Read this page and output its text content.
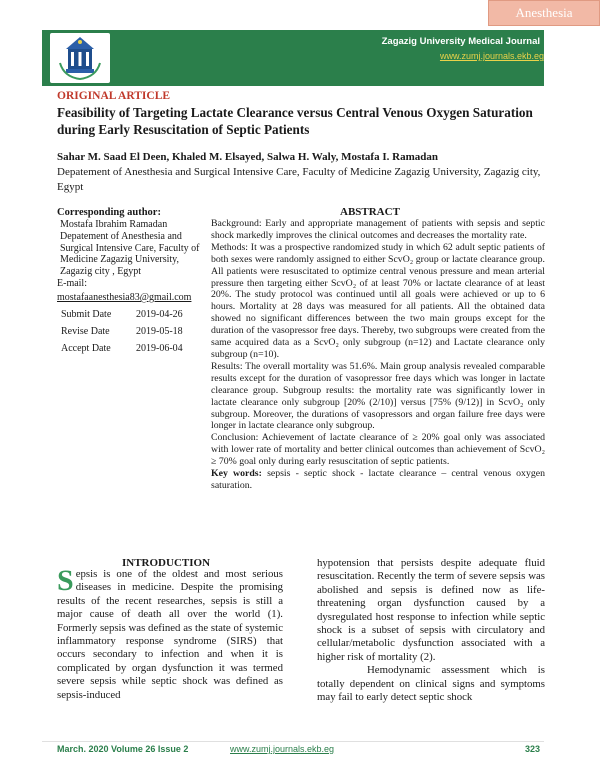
Anesthesia
Zagazig University Medical Journal
www.zumj.journals.ekb.eg
ORIGINAL ARTICLE
Feasibility of Targeting Lactate Clearance versus Central Venous Oxygen Saturation during Early Resuscitation of Septic Patients
Sahar M. Saad El Deen, Khaled M. Elsayed, Salwa H. Waly, Mostafa I. Ramadan
Depatement of Anesthesia and Surgical Intensive Care, Faculty of Medicine Zagazig University, Zagazig city, Egypt
Corresponding author:
Mostafa Ibrahim Ramadan Depatement of Anesthesia and Surgical Intensive Care, Faculty of Medicine Zagazig University, Zagazig city , Egypt
E-mail:
mostafaanesthesia83@gmail.com
Submit Date	2019-04-26
Revise Date	2019-05-18
Accept Date	2019-06-04
ABSTRACT

Background: Early and appropriate management of patients with sepsis and septic shock markedly improves the clinical outcomes and decreases the mortality rate.

Methods: It was a prospective randomized study in which 62 adult septic patients of both sexes were randomly assigned to either ScvO₂ group or lactate clearance group. All patients were resuscitated to optimize central venous pressure and mean arterial pressure then targeting either ScvO₂ of at least 70% or lactate clearance of at least 20%. The study protocol was continued until all goals were achieved or up to 6 hours. Mortality at 28 days was measured for all patients. All the obtained data showed no significant differences between the two main groups except for the duration of the vasopressor free days. Thereby, two subgroups were created from the same acquired data as a ScvO₂ only subgroup (n=12) and Lactate clearance only subgroup (n=10).

Results: The overall mortality was 51.6%. Main group analysis revealed comparable results except for the duration of vasopressor free days which was longer in lactate clearance group. Subgroup results: the mortality rate was significantly lower in lactate clearance only subgroup [20% (2/10)] versus [75% (9/12)] in ScvO₂ only subgroup. Moreover, the durations of vasopressors and organ failure free days were longer in lactate clearance only subgroup.

Conclusion: Achievement of lactate clearance of ≥ 20% goal only was associated with lower rate of mortality and better clinical outcomes than achievement of ScvO₂ ≥ 70% goal only during early resuscitation of septic patients.

Key words: sepsis - septic shock - lactate clearance – central venous oxygen saturation.

INTRODUCTION

Sepsis is one of the oldest and most serious diseases in medicine. Despite the promising results of the recent researches, sepsis is still a major cause of death all over the world (1). Formerly sepsis was defined as the state of systemic inflammatory response syndrome (SIRS) that occurs secondary to infection and when it is complicated by organ dysfunction it was termed severe sepsis while septic shock was defined as sepsis-induced

hypotension that persists despite adequate fluid resuscitation. Recently the term of severe sepsis was abolished and sepsis is defined now as life-threatening organ dysfunction caused by a dysregulated host response to infection while septic shock is a subset of sepsis with circulatory and cellular/metabolic dysfunction associated with a higher risk of mortality (2).

Hemodynamic assessment which is totally dependent on clinical signs and symptoms may fail to early detect septic shock

March. 2020 Volume 26 Issue 2	www.zumj.journals.ekb.eg	323
